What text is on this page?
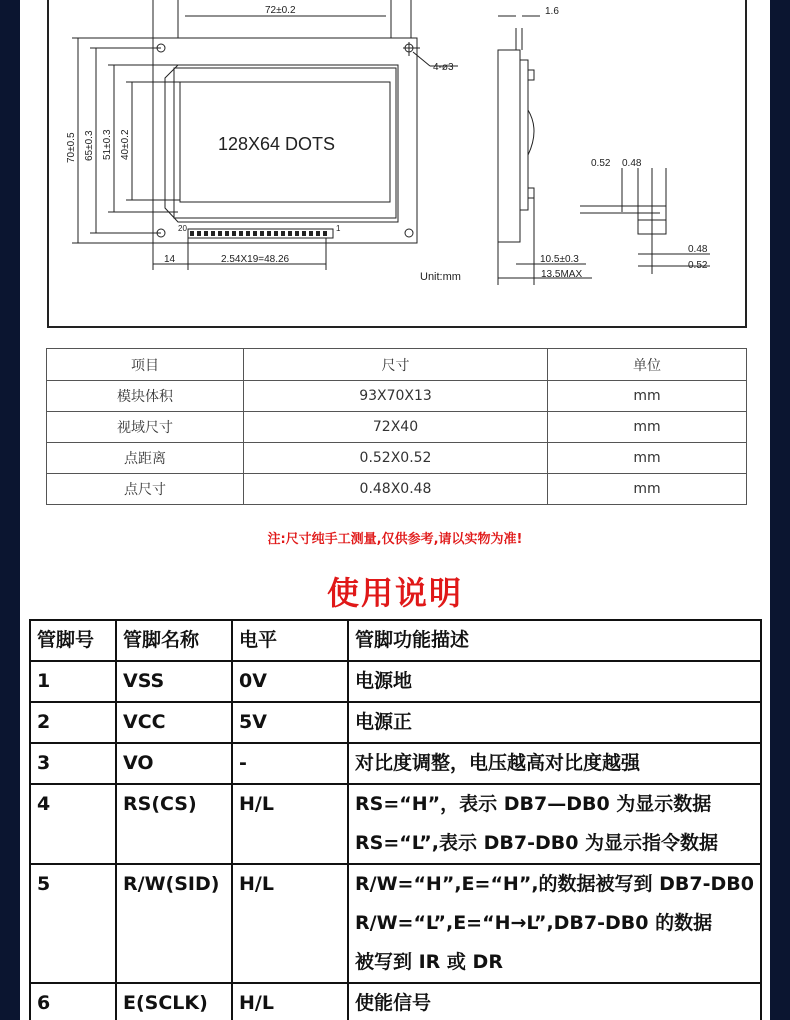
72±0.2	1.6
4-ø3
128X64 DOTS
70±0.5 65±0.3 51±0.3 40±0.2
20	1
14	2.54X19=48.26
Unit:mm
0.52 0.48
0.48
0.52
10.5±0.3
13.5MAX
项目	尺寸	单位
模块体积	93X70X13	mm
视域尺寸	72X40	mm
点距离	0.52X0.52	mm
点尺寸	0.48X0.48	mm
注:尺寸纯手工测量,仅供参考,请以实物为准!
使用说明
管脚号	管脚名称	电平	管脚功能描述
1	VSS	0V	电源地

2	VCC	5V	电源正

3	VO	-	对比度调整，电压越高对比度越强

4	RS(CS)	H/L	RS=“H”，表示 DB7—DB0 为显示数据
RS=“L”,表示 DB7-DB0 为显示指令数据

5	R/W(SID)	H/L	R/W=“H”,E=“H”,的数据被写到 DB7-DB0
R/W=“L”,E=“H→L”,DB7-DB0 的数据
被写到 IR 或 DR

6	E(SCLK)	H/L	使能信号
